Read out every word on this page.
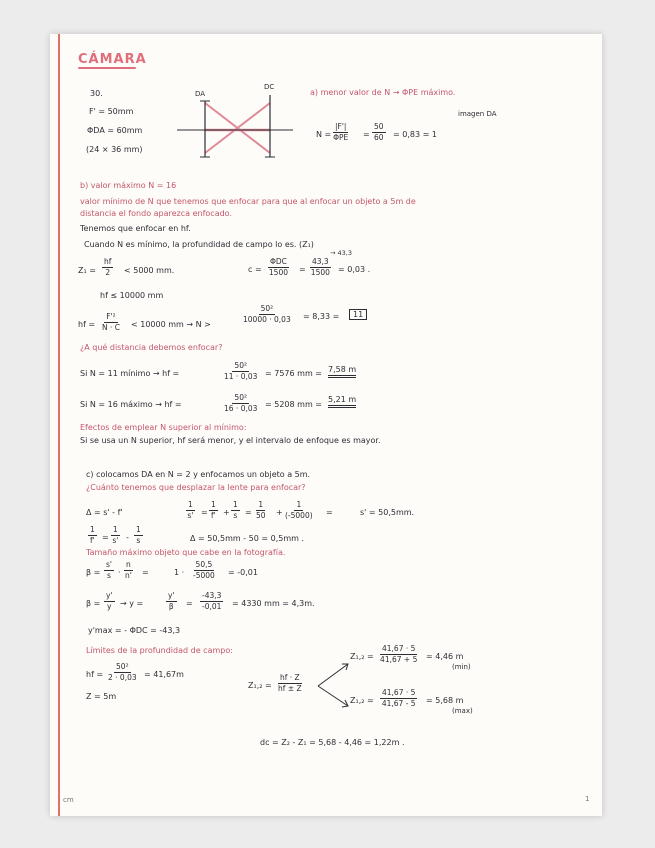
CÁMARA
30.
F' = 50mm
ΦDA = 60mm
(24 × 36 mm)
DA
DC
a) menor valor de N → ΦPE máximo.
imagen DA
N =
|F'|
$\Phi PE = \frac{50}{60} = 0,83$ ≃ 1
b) valor máximo N = 16
valor mínimo de N que tenemos que enfocar para que al enfocar un objeto a 5m de
distancia el fondo aparezca enfocado.
Tenemos que enfocar en hf.
Cuando N es mínimo, la profundidad de campo lo es. (Z₁)
$Z_1 = \frac{hf}{2} < 5000$ mm.
→ 43,3
c =
ΦDC
$1500 = \frac{43,3}{1500} = 0,03$ .
hf ≤ 10000 mm
hf = $\frac{\text{F'²}}{N \cdot C} < 10000$ mm → N >
$\frac{\text{50²}}{10000 \cdot 0,03} = 8,33$ =	11
¿A qué distancia debemos enfocar?
Si N = 11 mínimo → hf =	$\frac{\text{50²}}{11 \cdot 0,03} = 7576$ mm = 7,58 m
Si N = 16 máximo → hf =	$\frac{\text{50²}}{16 \cdot 0,03} = 5208$ mm =
5,21 m
Efectos de emplear N superior al mínimo:
Si se usa un N superior, hf será menor, y el intervalo de enfoque es mayor.
c) colocamos DA en N = 2 y enfocamos un objeto a 5m.
¿Cuánto tenemos que desplazar la lente para enfocar?
Δ = s' - f'	$\frac{1}{s'} = \frac{1}{f'} + \frac{1}{s} = \frac{1}{50} + \frac{1}{(-5000)}$ =	s' = 50,5mm.
$\frac{1}{f'} = \frac{1}{s'} - \frac{1}{s}$	Δ = 50,5mm - 50 = 0,5mm .
Tamaño máximo objeto que cabe en la fotografía.
$\beta = \frac{s'}{s} \cdot \frac{n}{n'}$ =	$1 \cdot \frac{50,5}{-5000} = -0,01$
$\beta = \frac{y'}{y} \to y$ =	$\frac{y'}{\beta} = \frac{-43,3}{-0,01} = 4330$ mm = 4,3m.
y'max = - ΦDC = -43,3
Límites de la profundidad de campo:
hf = $\frac{\text{50²}}{2 \cdot 0,03} = 41,67m$
Z = 5m
$Z_1,_2 = \frac{hf \cdot Z}{hf \pm Z}$
$Z_1,_2 = \frac{41,67 \cdot 5}{41,67 + 5} = 4,46$ m
(min)
$Z_1,_2 = \frac{41,67 \cdot 5}{41,67 - 5} = 5,68$ m
(max)
dc = Z₂ - Z₁ = 5,68 - 4,46 = 1,22m .
cm	1
